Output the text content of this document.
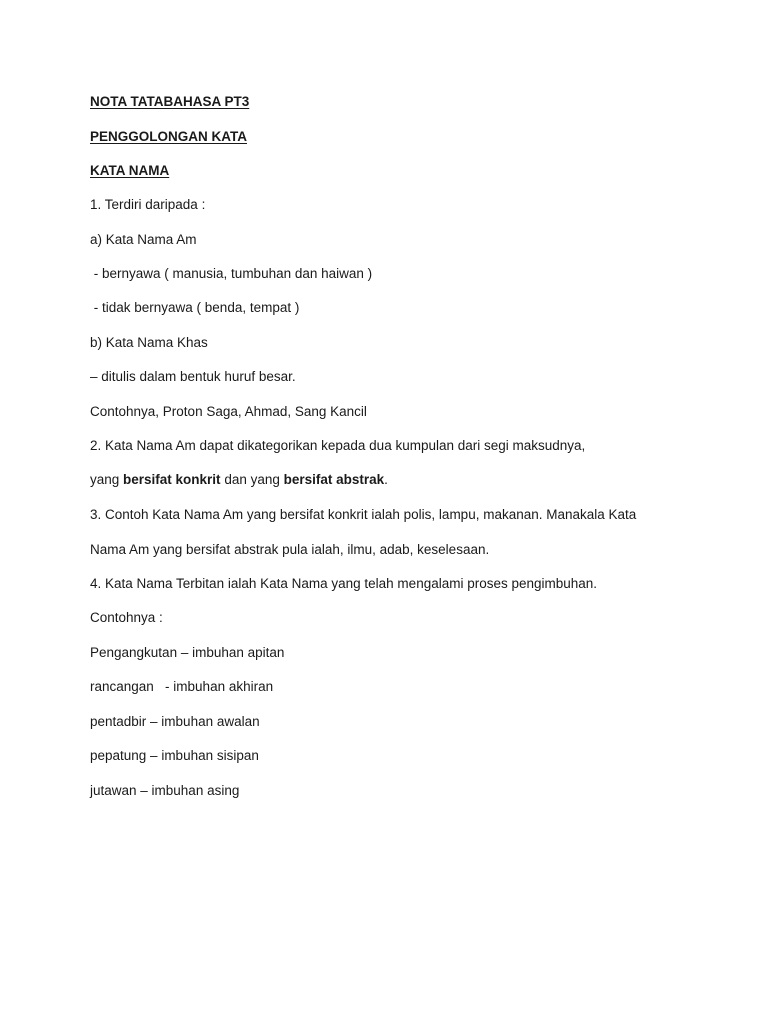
NOTA TATABAHASA PT3
PENGGOLONGAN KATA
KATA NAMA
1. Terdiri daripada :
a) Kata Nama Am
- bernyawa ( manusia, tumbuhan dan haiwan )
- tidak bernyawa ( benda, tempat )
b) Kata Nama Khas
– ditulis dalam bentuk huruf besar.
Contohnya, Proton Saga, Ahmad, Sang Kancil
2. Kata Nama Am dapat dikategorikan kepada dua kumpulan dari segi maksudnya,
yang bersifat konkrit dan yang bersifat abstrak.
3. Contoh Kata Nama Am yang bersifat konkrit ialah polis, lampu, makanan. Manakala Kata
Nama Am yang bersifat abstrak pula ialah, ilmu, adab, keselesaan.
4. Kata Nama Terbitan ialah Kata Nama yang telah mengalami proses pengimbuhan.
Contohnya :
Pengangkutan – imbuhan apitan
rancangan   - imbuhan akhiran
pentadbir – imbuhan awalan
pepatung – imbuhan sisipan
jutawan – imbuhan asing
